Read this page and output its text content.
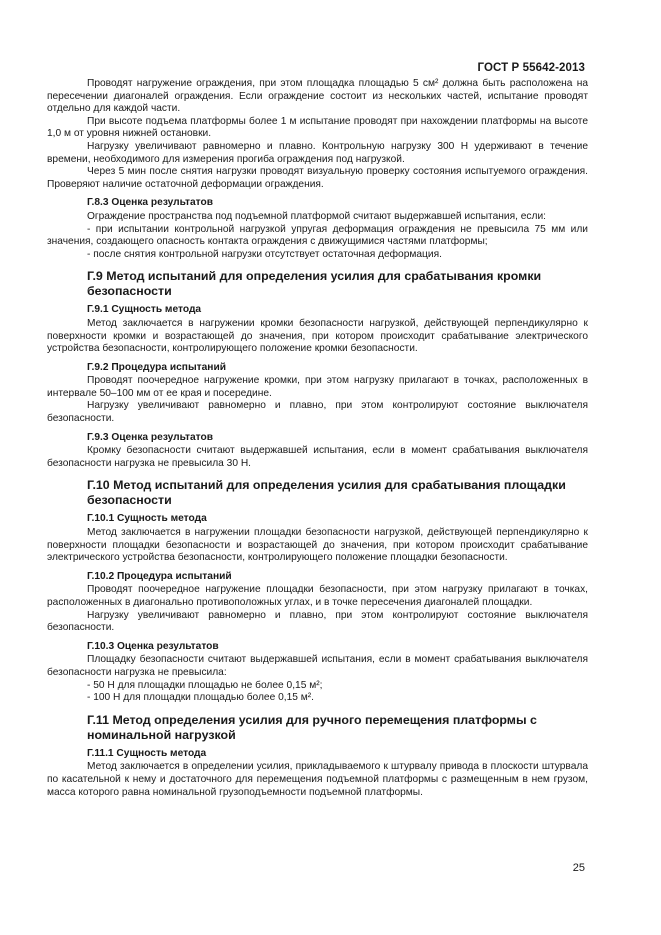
ГОСТ Р 55642-2013

Проводят нагружение ограждения, при этом площадка площадью 5 см² должна быть расположена на пересечении диагоналей ограждения. Если ограждение состоит из нескольких частей, испытание проводят отдельно для каждой части.

При высоте подъема платформы более 1 м испытание проводят при нахождении платформы на высоте 1,0 м от уровня нижней остановки.

Нагрузку увеличивают равномерно и плавно. Контрольную нагрузку 300 Н удерживают в течение времени, необходимого для измерения прогиба ограждения под нагрузкой.

Через 5 мин после снятия нагрузки проводят визуальную проверку состояния испытуемого ограждения. Проверяют наличие остаточной деформации ограждения.

Г.8.3 Оценка результатов

Ограждение пространства под подъемной платформой считают выдержавшей испытания, если:

- при испытании контрольной нагрузкой упругая деформация ограждения не превысила 75 мм или значения, создающего опасность контакта ограждения с движущимися частями платформы;

- после снятия контрольной нагрузки отсутствует остаточная деформация.

Г.9 Метод испытаний для определения усилия для срабатывания кромки безопасности

Г.9.1 Сущность метода

Метод заключается в нагружении кромки безопасности нагрузкой, действующей перпендикулярно к поверхности кромки и возрастающей до значения, при котором происходит срабатывание электрического устройства безопасности, контролирующего положение кромки безопасности.

Г.9.2 Процедура испытаний

Проводят поочередное нагружение кромки, при этом нагрузку прилагают в точках, расположенных в интервале 50–100 мм от ее края и посередине.

Нагрузку увеличивают равномерно и плавно, при этом контролируют состояние выключателя безопасности.

Г.9.3 Оценка результатов

Кромку безопасности считают выдержавшей испытания, если в момент срабатывания выключателя безопасности нагрузка не превысила 30 Н.

Г.10 Метод испытаний для определения усилия для срабатывания площадки безопасности

Г.10.1 Сущность метода

Метод заключается в нагружении площадки безопасности нагрузкой, действующей перпендикулярно к поверхности площадки безопасности и возрастающей до значения, при котором происходит срабатывание электрического устройства безопасности, контролирующего положение площадки безопасности.

Г.10.2 Процедура испытаний

Проводят поочередное нагружение площадки безопасности, при этом нагрузку прилагают в точках, расположенных в диагонально противоположных углах, и в точке пересечения диагоналей площадки.

Нагрузку увеличивают равномерно и плавно, при этом контролируют состояние выключателя безопасности.

Г.10.3 Оценка результатов

Площадку безопасности считают выдержавшей испытания, если в момент срабатывания выключателя безопасности нагрузка не превысила:

- 50 Н для площадки площадью не более 0,15 м²;

- 100 Н для площадки площадью более 0,15 м².

Г.11 Метод определения усилия для ручного перемещения платформы с номинальной нагрузкой

Г.11.1 Сущность метода

Метод заключается в определении усилия, прикладываемого к штурвалу привода в плоскости штурвала по касательной к нему и достаточного для перемещения подъемной платформы с размещенным в нем грузом, масса которого равна номинальной грузоподъемности подъемной платформы.

25
